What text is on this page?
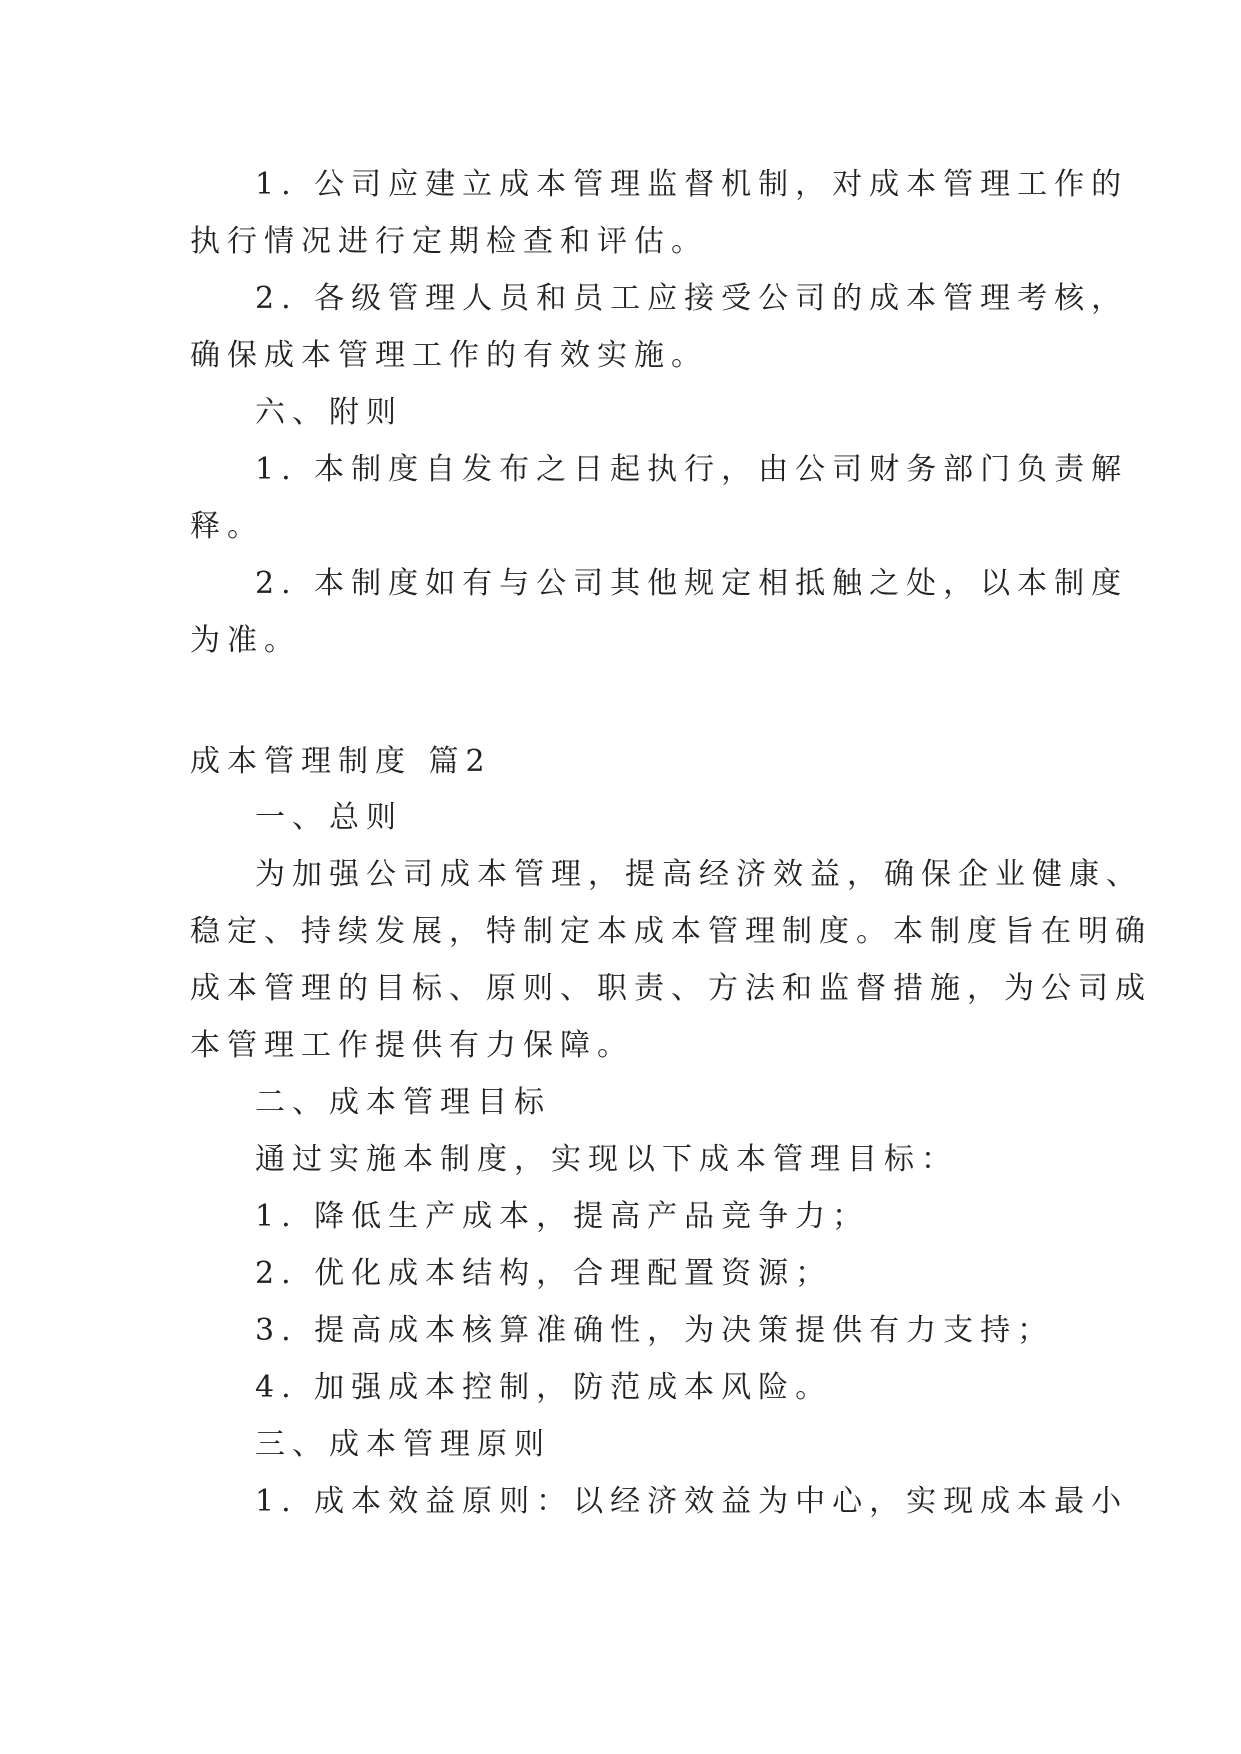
1. 公司应建立成本管理监督机制，对成本管理工作的
执行情况进行定期检查和评估。
2. 各级管理人员和员工应接受公司的成本管理考核，
确保成本管理工作的有效实施。
六、附则
1. 本制度自发布之日起执行，由公司财务部门负责解
释。
2. 本制度如有与公司其他规定相抵触之处，以本制度
为准。
成本管理制度 篇2
一、总则
为加强公司成本管理，提高经济效益，确保企业健康、
稳定、持续发展，特制定本成本管理制度。本制度旨在明确
成本管理的目标、原则、职责、方法和监督措施，为公司成
本管理工作提供有力保障。
二、成本管理目标
通过实施本制度，实现以下成本管理目标：
1. 降低生产成本，提高产品竞争力；
2. 优化成本结构，合理配置资源；
3. 提高成本核算准确性，为决策提供有力支持；
4. 加强成本控制，防范成本风险。
三、成本管理原则
1. 成本效益原则：以经济效益为中心，实现成本最小
